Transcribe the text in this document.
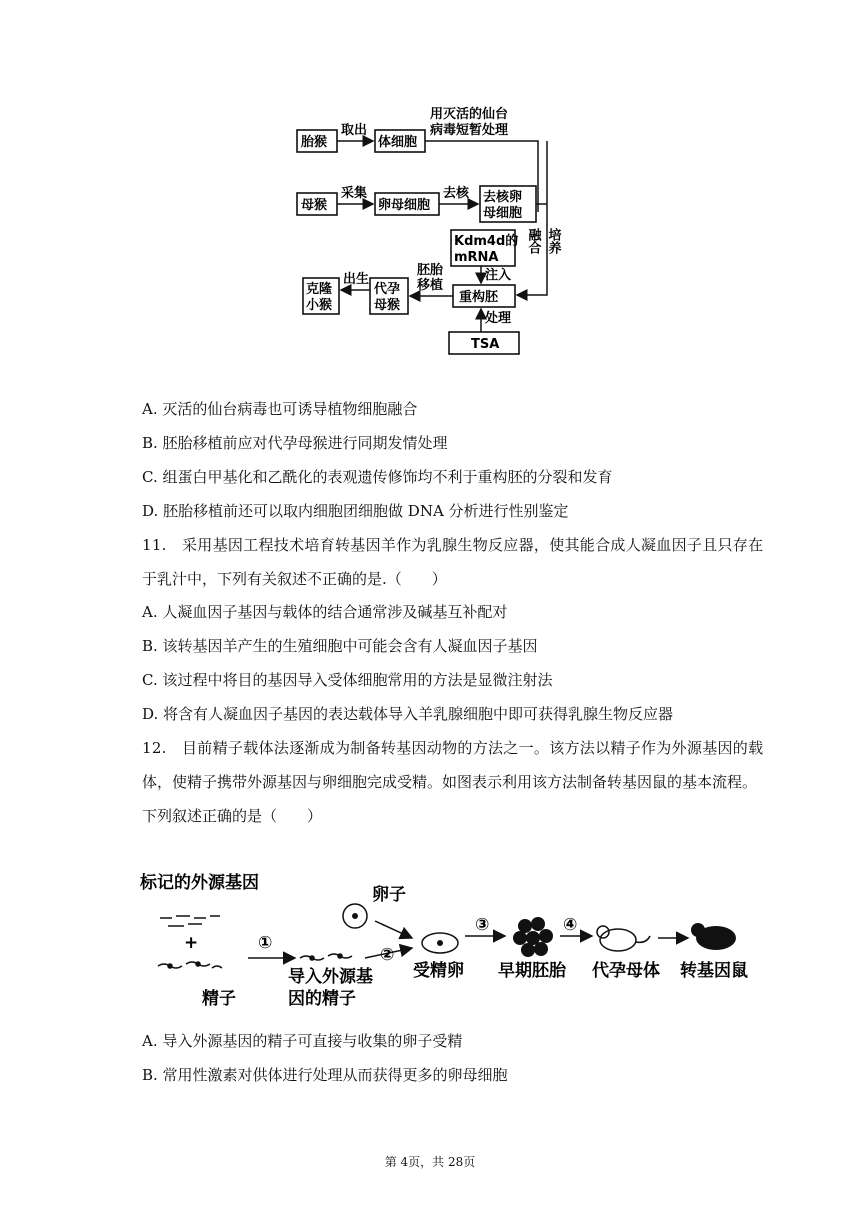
胎猴
取出
体细胞
用灭活的仙台
病毒短暂处理
母猴
采集
卵母细胞
去核 去核卵
母细胞
融合 培养
Kdm4d的
mRNA
注入
重构胚
处理
TSA
胚胎
移植
代孕
母猴
出生
克隆
小猴
A. 灭活的仙台病毒也可诱导植物细胞融合
B. 胚胎移植前应对代孕母猴进行同期发情处理
C. 组蛋白甲基化和乙酰化的表观遗传修饰均不利于重构胚的分裂和发育
D. 胚胎移植前还可以取内细胞团细胞做 DNA 分析进行性别鉴定
11. 采用基因工程技术培育转基因羊作为乳腺生物反应器，使其能合成人凝血因子且只存在
于乳汁中，下列有关叙述不正确的是.（　　）
A. 人凝血因子基因与载体的结合通常涉及碱基互补配对
B. 该转基因羊产生的生殖细胞中可能会含有人凝血因子基因
C. 该过程中将目的基因导入受体细胞常用的方法是显微注射法
D. 将含有人凝血因子基因的表达载体导入羊乳腺细胞中即可获得乳腺生物反应器
12. 目前精子载体法逐渐成为制备转基因动物的方法之一。该方法以精子作为外源基因的载
体，使精子携带外源基因与卵细胞完成受精。如图表示利用该方法制备转基因鼠的基本流程。
下列叙述正确的是（　　）
标记的外源基因
+
精子
①
导入外源基
因的精子
卵子
②
受精卵
③
早期胚胎
④
代孕母体 转基因鼠
A. 导入外源基因的精子可直接与收集的卵子受精
B. 常用性激素对供体进行处理从而获得更多的卵母细胞
第 4页，共 28页
